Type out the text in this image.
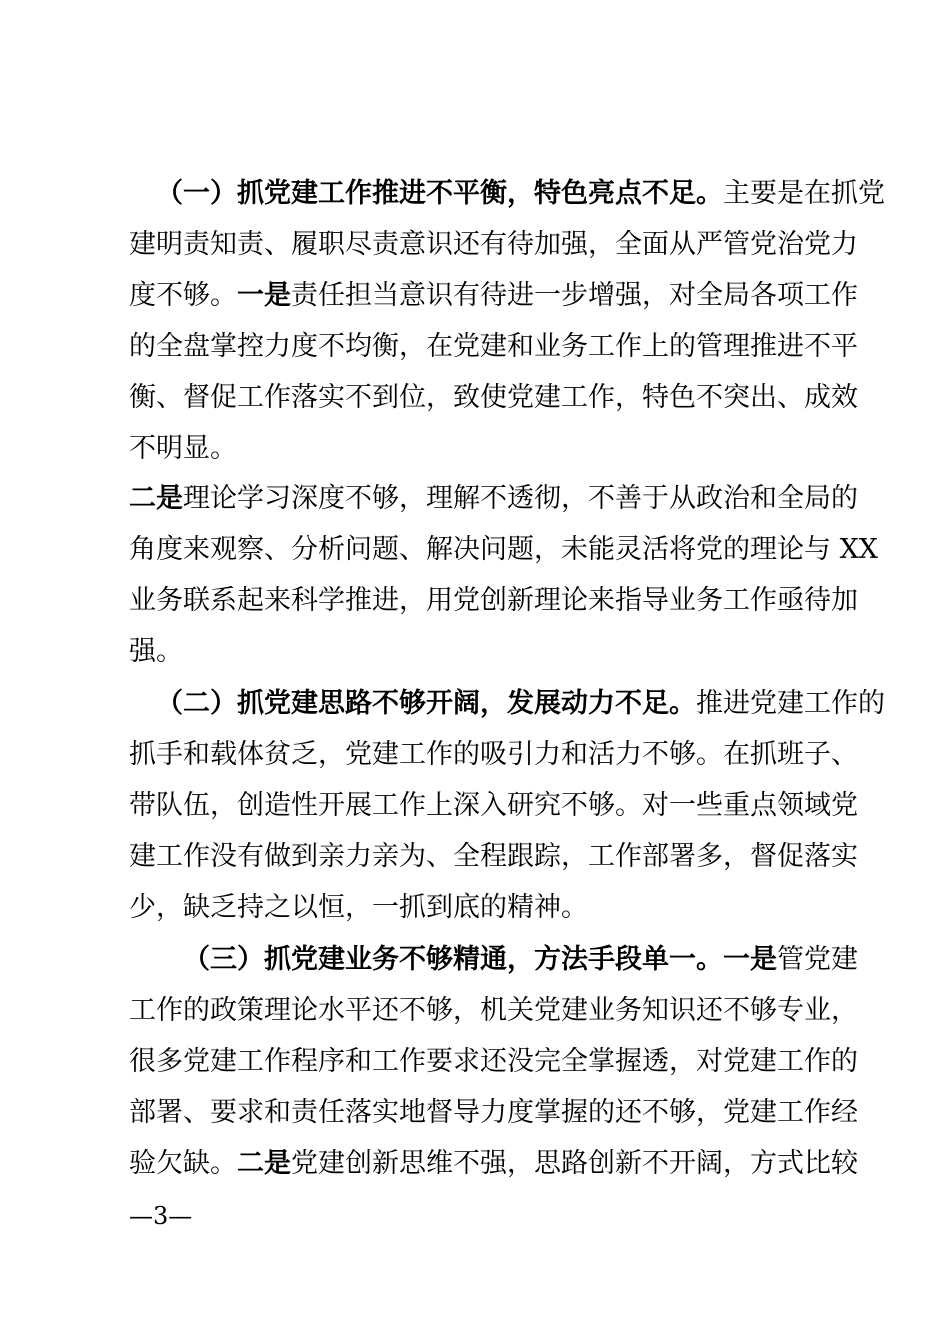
（一）抓党建工作推进不平衡，特色亮点不足。主要是在抓党
建明责知责、履职尽责意识还有待加强，全面从严管党治党力
度不够。一是责任担当意识有待进一步增强，对全局各项工作
的全盘掌控力度不均衡，在党建和业务工作上的管理推进不平
衡、督促工作落实不到位，致使党建工作，特色不突出、成效
不明显。
二是理论学习深度不够，理解不透彻，不善于从政治和全局的
角度来观察、分析问题、解决问题，未能灵活将党的理论与 XX
业务联系起来科学推进，用党创新理论来指导业务工作亟待加
强。
（二）抓党建思路不够开阔，发展动力不足。推进党建工作的
抓手和载体贫乏，党建工作的吸引力和活力不够。在抓班子、
带队伍，创造性开展工作上深入研究不够。对一些重点领域党
建工作没有做到亲力亲为、全程跟踪，工作部署多，督促落实
少，缺乏持之以恒，一抓到底的精神。
（三）抓党建业务不够精通，方法手段单一。一是管党建
工作的政策理论水平还不够，机关党建业务知识还不够专业，
很多党建工作程序和工作要求还没完全掌握透，对党建工作的
部署、要求和责任落实地督导力度掌握的还不够，党建工作经
验欠缺。二是党建创新思维不强，思路创新不开阔，方式比较
—3—
